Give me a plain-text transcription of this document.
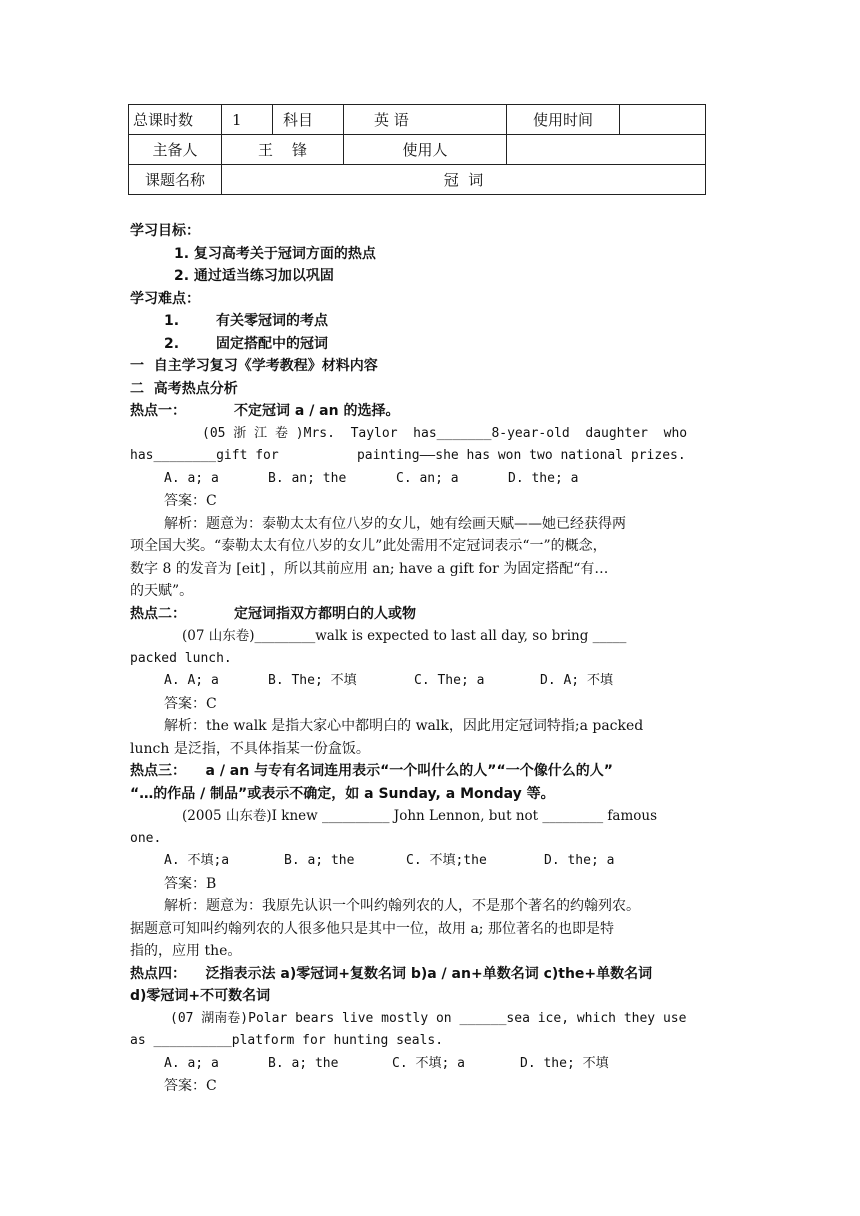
总课时数	1	科目	英 语	使用时间	
主备人	王    锋		使用人		
课题名称	冠  词				
学习目标：
1. 复习高考关于冠词方面的热点
2. 通过适当练习加以巩固
学习难点：
1.	有关零冠词的考点
2.	固定搭配中的冠词
一  自主学习复习《学考教程》材料内容
二  高考热点分析
热点一：	不定冠词 a / an 的选择。
(05 浙 江 卷 )Mrs.  Taylor  has_______8-year-old  daughter  who
has________gift for          painting——she has won two national prizes.
A. a; a	B. an; the	C. an; a	D. the; a
答案：C
解析：题意为：泰勒太太有位八岁的女儿，她有绘画天赋——她已经获得两
项全国大奖。“泰勒太太有位八岁的女儿”此处需用不定冠词表示“一”的概念，
数字 8 的发音为 [eit] ，所以其前应用 an; have a gift for 为固定搭配“有…
的天赋”。
热点二：	定冠词指双方都明白的人或物
(07 山东卷)_________walk is expected to last all day, so bring _____
packed lunch.
A. A; a	B. The; 不填	C. The; a	D. A; 不填
答案：C
解析：the walk 是指大家心中都明白的 walk，因此用定冠词特指;a packed
lunch 是泛指，不具体指某一份盒饭。
热点三：    a / an 与专有名词连用表示“一个叫什么的人”“一个像什么的人”
“…的作品 / 制品”或表示不确定，如 a Sunday, a Monday 等。
(2005 山东卷)I knew __________ John Lennon, but not _________ famous
one.
A. 不填;a	B. a; the	C. 不填;the	D. the; a
答案：B
解析：题意为：我原先认识一个叫约翰列农的人，不是那个著名的约翰列农。
据题意可知叫约翰列农的人很多他只是其中一位，故用 a; 那位著名的也即是特
指的，应用 the。
热点四：    泛指表示法 a)零冠词+复数名词 b)a / an+单数名词 c)the+单数名词
d)零冠词+不可数名词
(07 湖南卷)Polar bears live mostly on ______sea ice, which they use
as __________platform for hunting seals.
A. a; a	B. a; the	C. 不填; a	D. the; 不填
答案：C
